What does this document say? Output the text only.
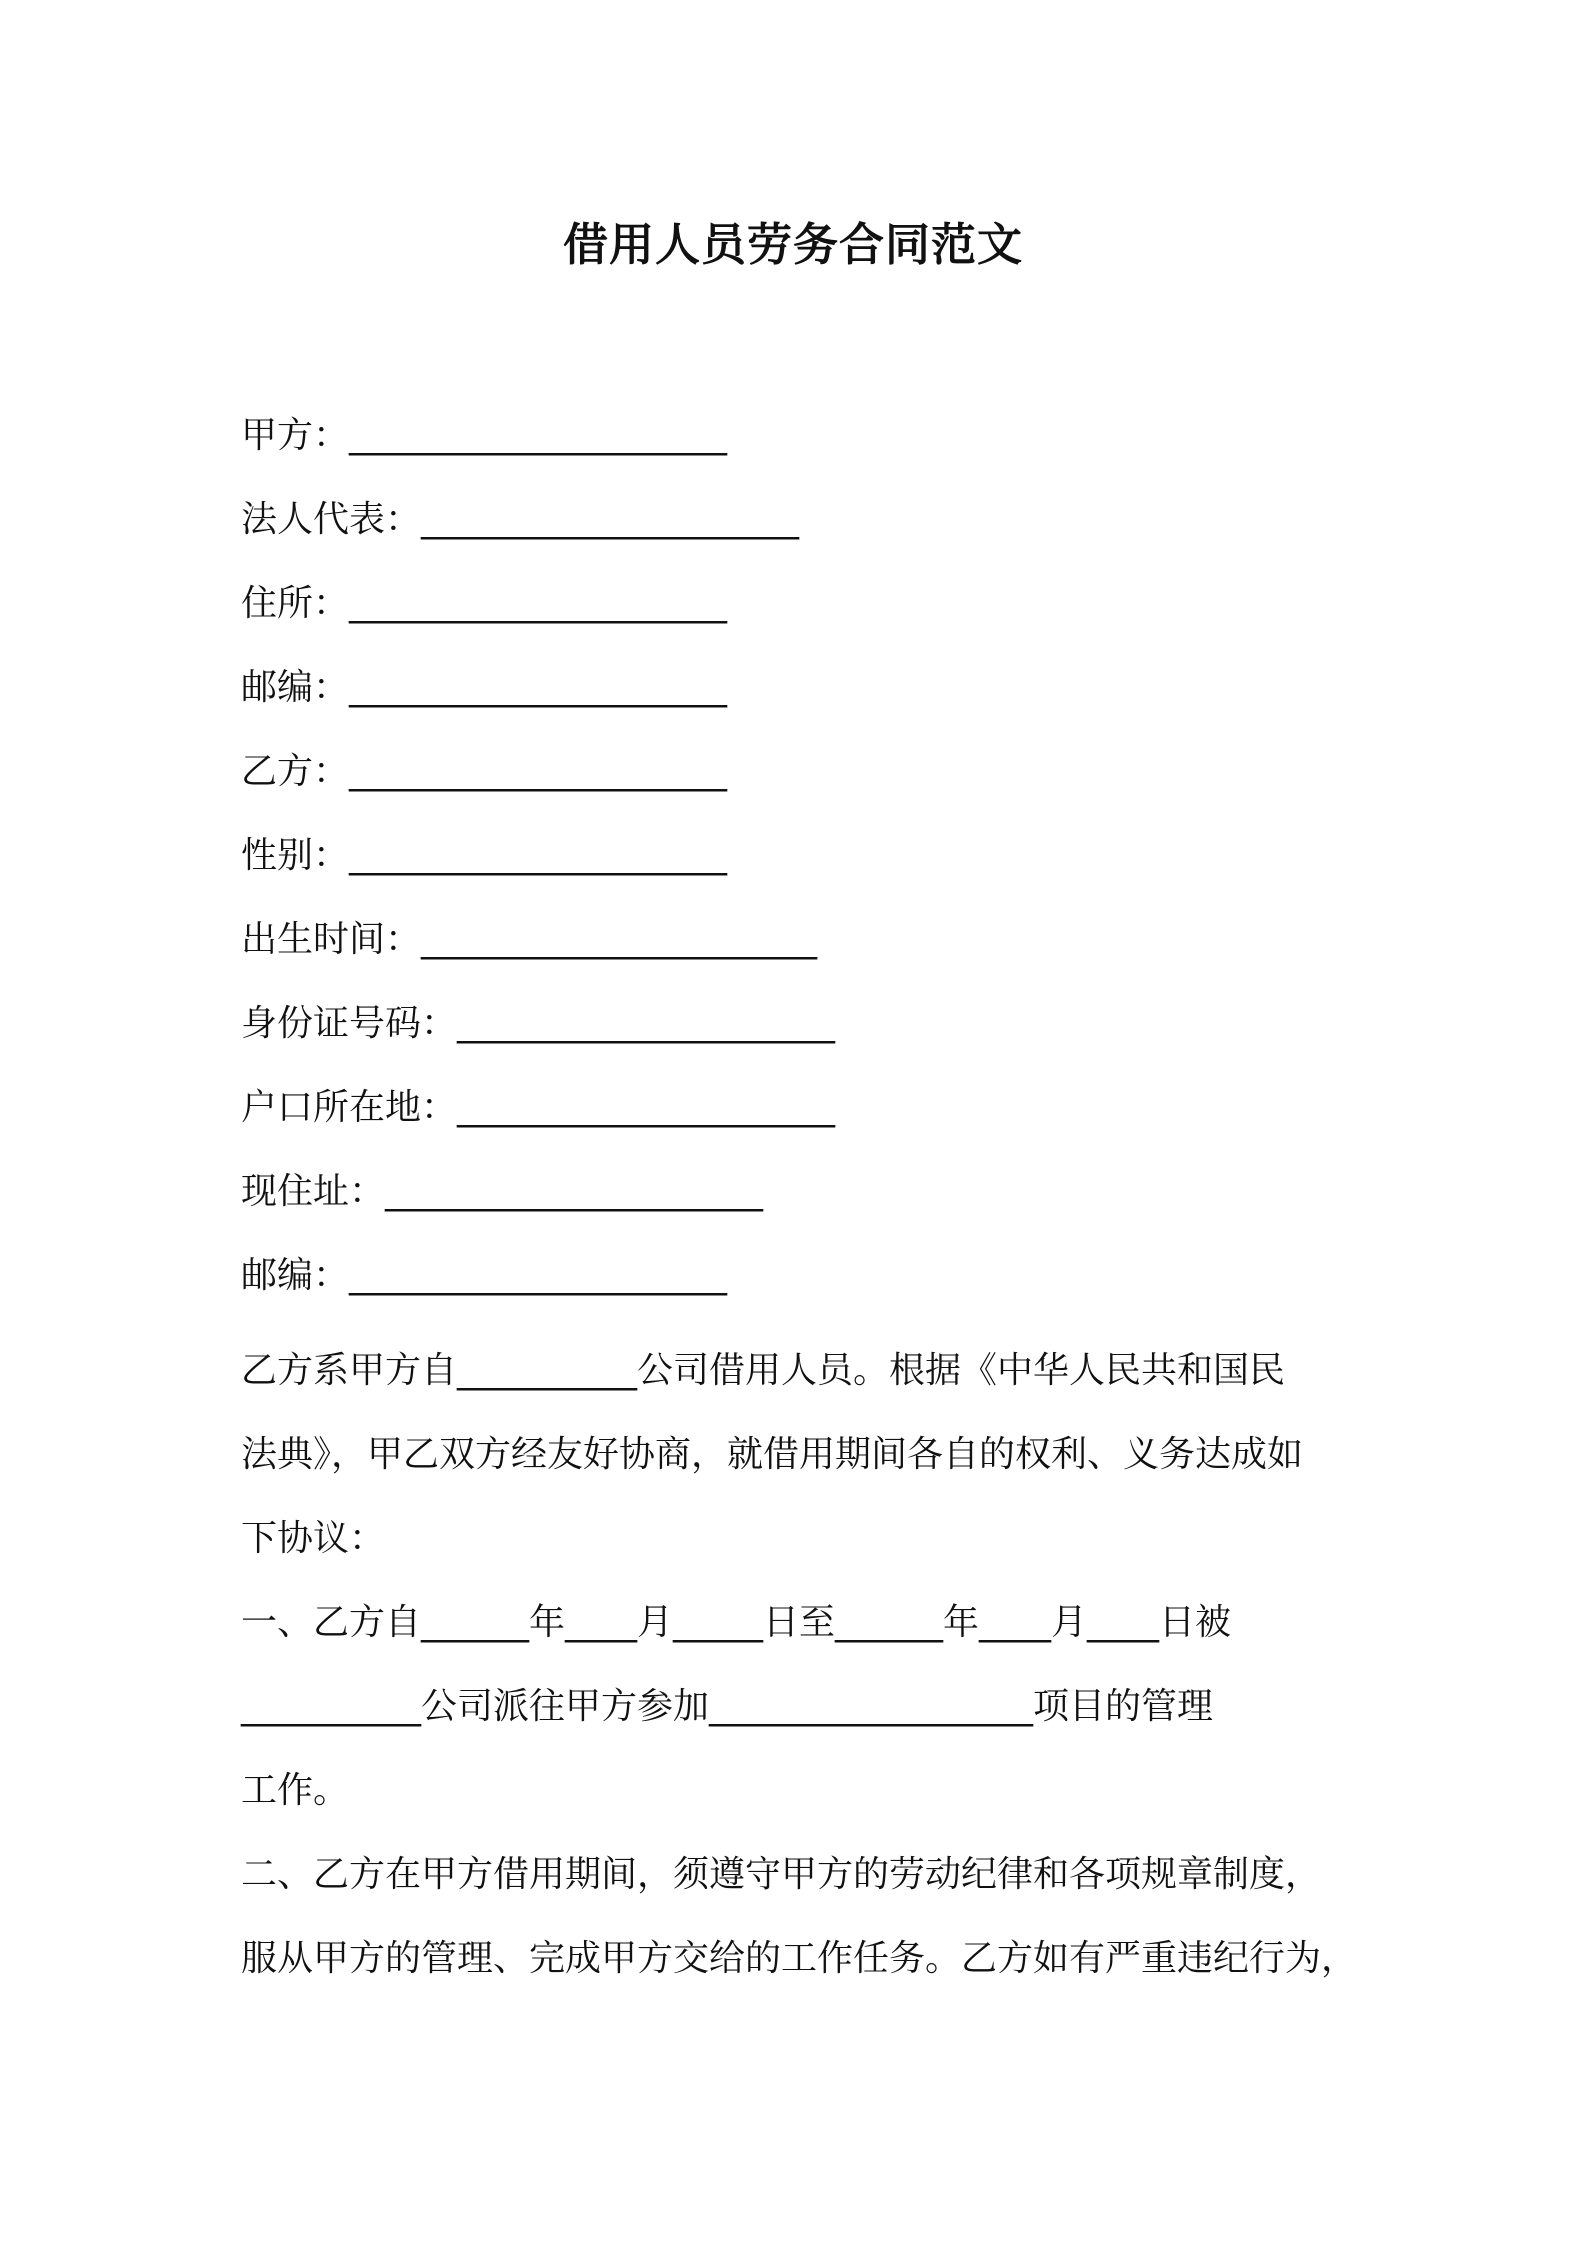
借用人员劳务合同范文
甲方：_____________________
法人代表：_____________________
住所：_____________________
邮编：_____________________
乙方：_____________________
性别：_____________________
出生时间：______________________
身份证号码：_____________________
户口所在地：_____________________
现住址：_____________________
邮编：_____________________
乙方系甲方自__________公司借用人员。根据《中华人民共和国民
法典》，甲乙双方经友好协商，就借用期间各自的权利、义务达成如
下协议：
一、乙方自______年____月_____日至______年____月____日被
__________公司派往甲方参加__________________项目的管理
工作。
二、乙方在甲方借用期间，须遵守甲方的劳动纪律和各项规章制度，
服从甲方的管理、完成甲方交给的工作任务。乙方如有严重违纪行为，
